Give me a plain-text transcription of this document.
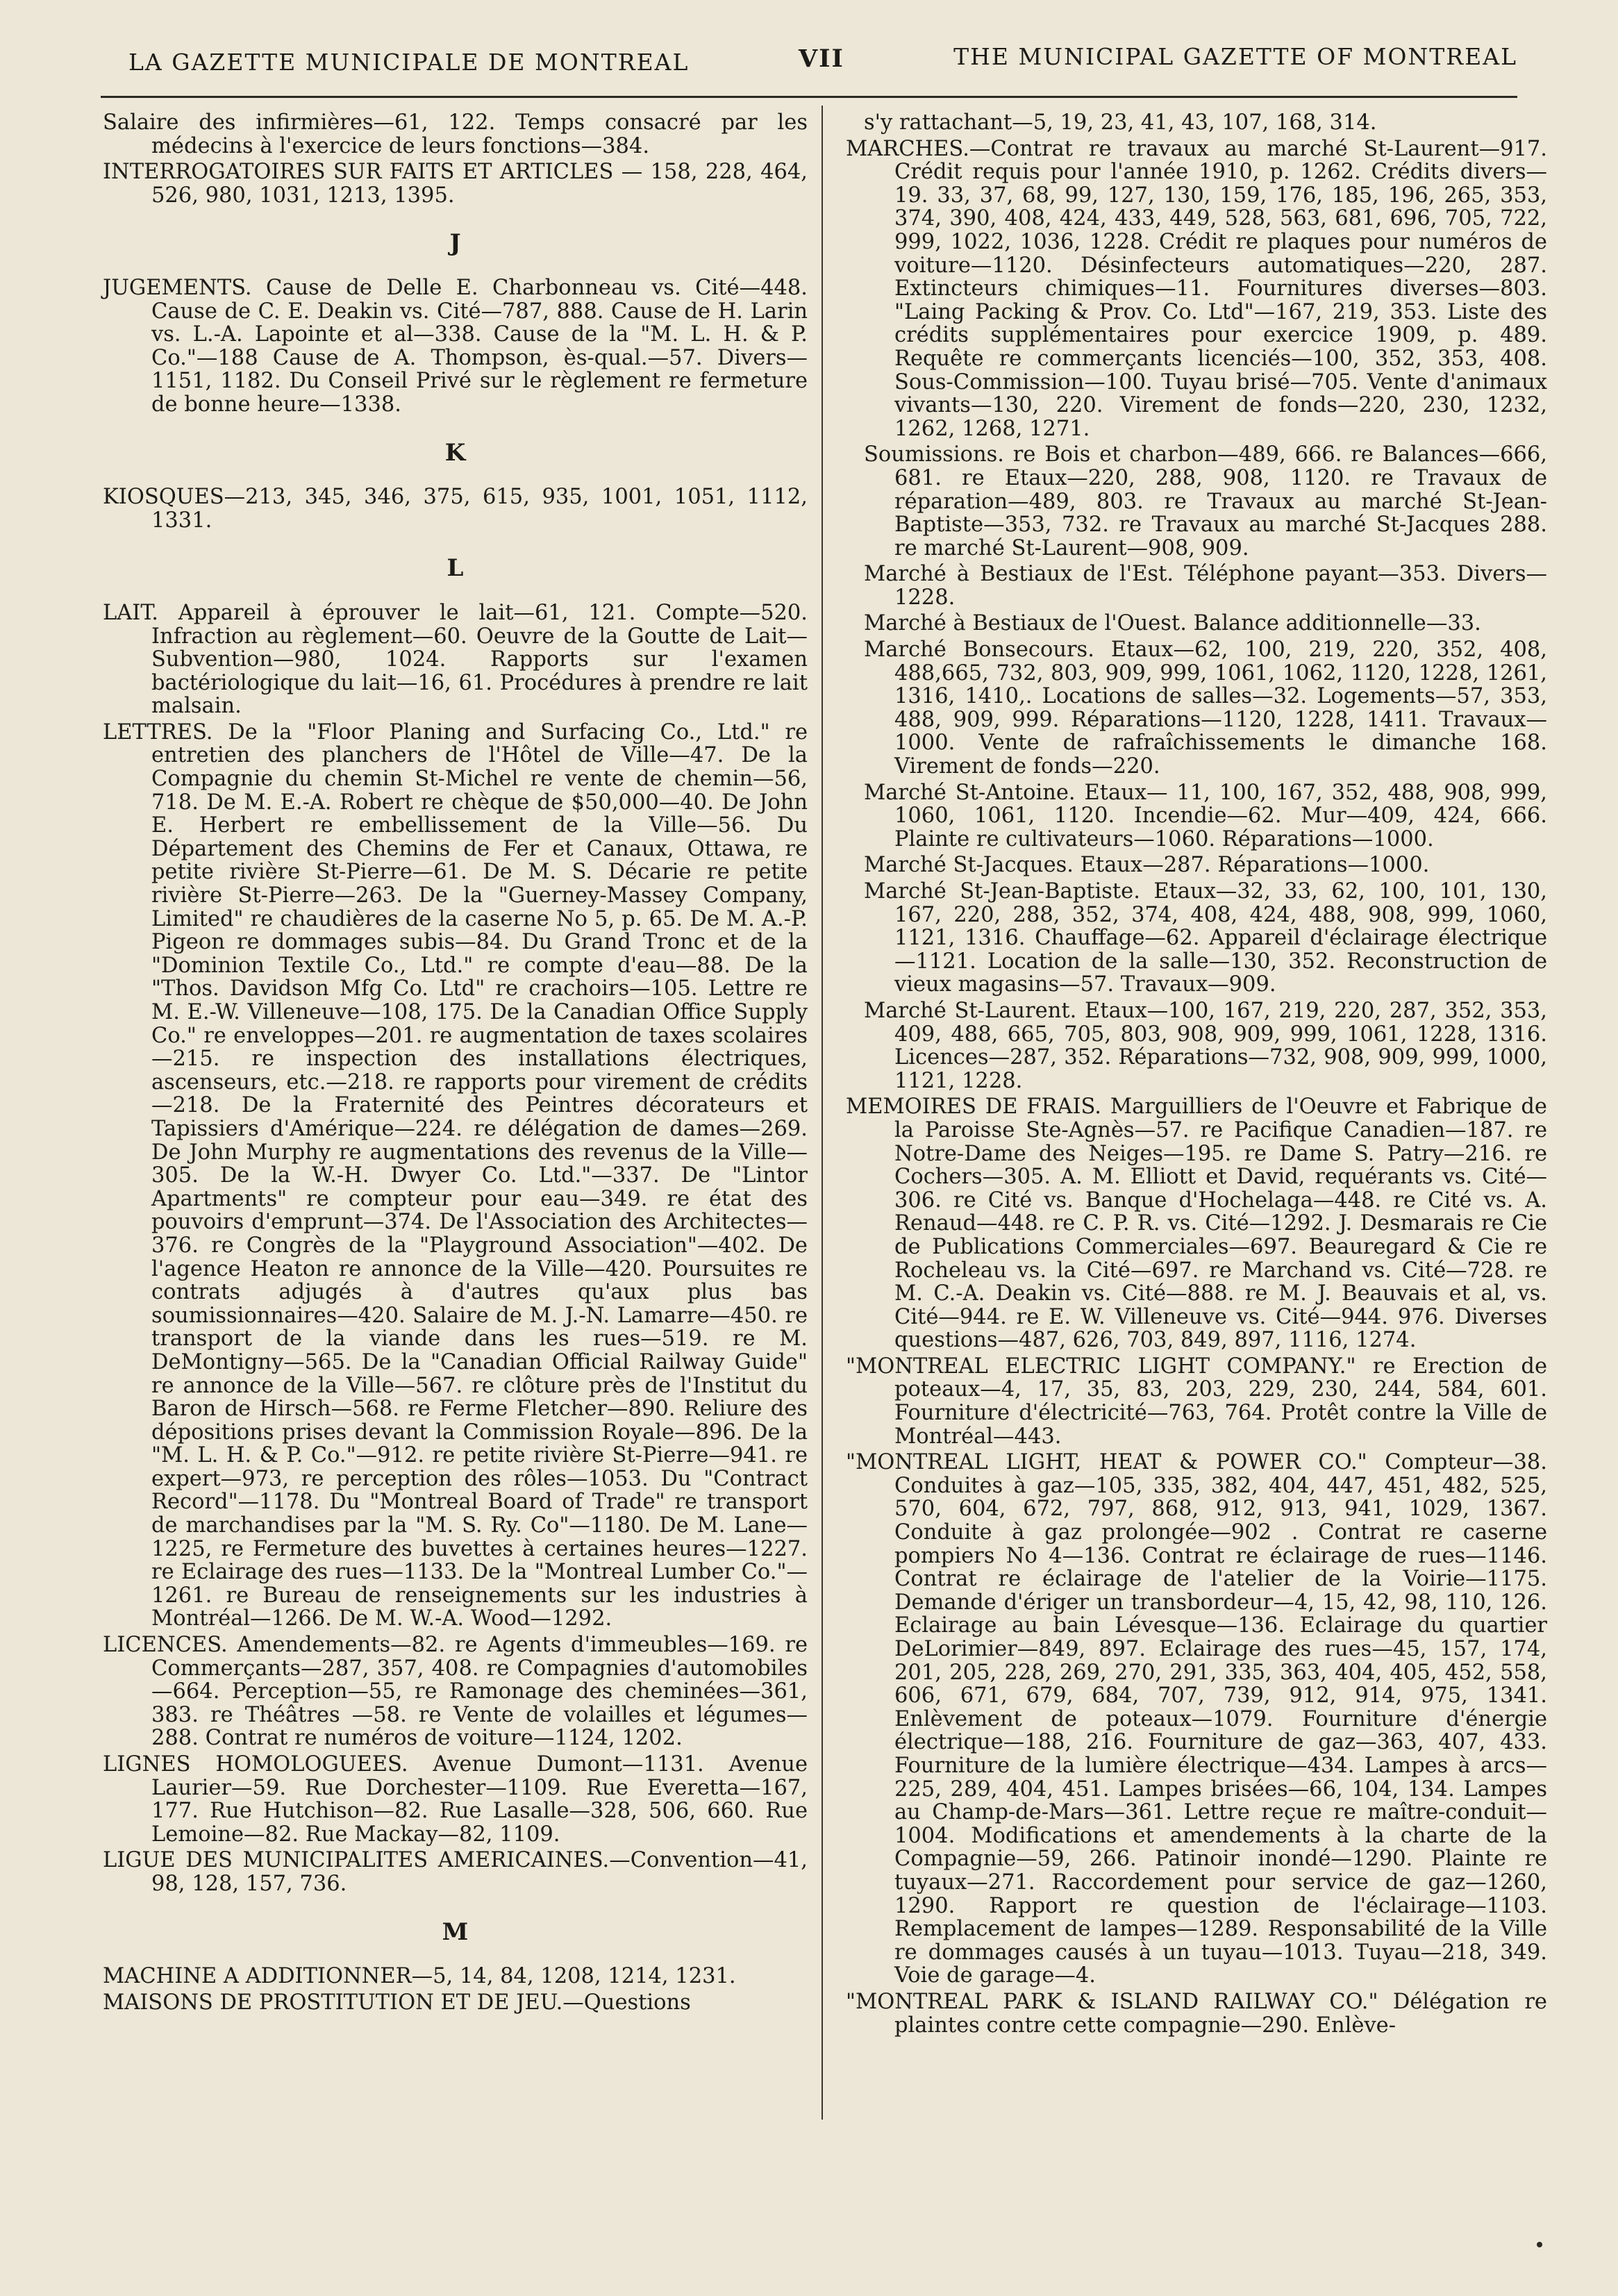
LA GAZETTE MUNICIPALE DE MONTREAL	VII	THE MUNICIPAL GAZETTE OF MONTREAL

Salaire des infirmières—61, 122. Temps consacré par les médecins à l'exercice de leurs fonctions—384.

INTERROGATOIRES SUR FAITS ET ARTICLES — 158, 228, 464, 526, 980, 1031, 1213, 1395.

J

JUGEMENTS. Cause de Delle E. Charbonneau vs. Cité—448. Cause de C. E. Deakin vs. Cité—787, 888. Cause de H. Larin vs. L.-A. Lapointe et al—338. Cause de la "M. L. H. & P. Co."—188 Cause de A. Thompson, ès-qual.—57. Divers—1151, 1182. Du Conseil Privé sur le règlement re fermeture de bonne heure—1338.

K

KIOSQUES—213, 345, 346, 375, 615, 935, 1001, 1051, 1112, 1331.

L

LAIT. Appareil à éprouver le lait—61, 121. Compte—520. Infraction au règlement—60. Oeuvre de la Goutte de Lait—Subvention—980, 1024. Rapports sur l'examen bactériologique du lait—16, 61. Procédures à prendre re lait malsain.

LETTRES. De la "Floor Planing and Surfacing Co., Ltd." re entretien des planchers de l'Hôtel de Ville—47. De la Compagnie du chemin St-Michel re vente de chemin—56, 718. De M. E.-A. Robert re chèque de $50,000—40. De John E. Herbert re embellissement de la Ville—56. Du Département des Chemins de Fer et Canaux, Ottawa, re petite rivière St-Pierre—61. De M. S. Décarie re petite rivière St-Pierre—263. De la "Guerney-Massey Company, Limited" re chaudières de la caserne No 5, p. 65. De M. A.-P. Pigeon re dommages subis—84. Du Grand Tronc et de la "Dominion Textile Co., Ltd." re compte d'eau—88. De la "Thos. Davidson Mfg Co. Ltd" re crachoirs—105. Lettre re M. E.-W. Villeneuve—108, 175. De la Canadian Office Supply Co." re enveloppes—201. re augmentation de taxes scolaires—215. re inspection des installations électriques, ascenseurs, etc.—218. re rapports pour virement de crédits—218. De la Fraternité des Peintres décorateurs et Tapissiers d'Amérique—224. re délégation de dames—269. De John Murphy re augmentations des revenus de la Ville—305. De la W.-H. Dwyer Co. Ltd."—337. De "Lintor Apartments" re compteur pour eau—349. re état des pouvoirs d'emprunt—374. De l'Association des Architectes—376. re Congrès de la "Playground Association"—402. De l'agence Heaton re annonce de la Ville—420. Poursuites re contrats adjugés à d'autres qu'aux plus bas soumissionnaires—420. Salaire de M. J.-N. Lamarre—450. re transport de la viande dans les rues—519. re M. DeMontigny—565. De la "Canadian Official Railway Guide" re annonce de la Ville—567. re clôture près de l'Institut du Baron de Hirsch—568. re Ferme Fletcher—890. Reliure des dépositions prises devant la Commission Royale—896. De la "M. L. H. & P. Co."—912. re petite rivière St-Pierre—941. re expert—973, re perception des rôles—1053. Du "Contract Record"—1178. Du "Montreal Board of Trade" re transport de marchandises par la "M. S. Ry. Co"—1180. De M. Lane—1225, re Fermeture des buvettes à certaines heures—1227. re Eclairage des rues—1133. De la "Montreal Lumber Co."—1261. re Bureau de renseignements sur les industries à Montréal—1266. De M. W.-A. Wood—1292.

LICENCES. Amendements—82. re Agents d'immeubles—169. re Commerçants—287, 357, 408. re Compagnies d'automobiles —664. Perception—55, re Ramonage des cheminées—361, 383. re Théâtres —58. re Vente de volailles et légumes—288. Contrat re numéros de voiture—1124, 1202.

LIGNES HOMOLOGUEES. Avenue Dumont—1131. Avenue Laurier—59. Rue Dorchester—1109. Rue Everetta—167, 177. Rue Hutchison—82. Rue Lasalle—328, 506, 660. Rue Lemoine—82. Rue Mackay—82, 1109.

LIGUE DES MUNICIPALITES AMERICAINES.—Convention—41, 98, 128, 157, 736.

M

MACHINE A ADDITIONNER—5, 14, 84, 1208, 1214, 1231.

MAISONS DE PROSTITUTION ET DE JEU.—Questions

s'y rattachant—5, 19, 23, 41, 43, 107, 168, 314.

MARCHES.—Contrat re travaux au marché St-Laurent—917. Crédit requis pour l'année 1910, p. 1262. Crédits divers—19. 33, 37, 68, 99, 127, 130, 159, 176, 185, 196, 265, 353, 374, 390, 408, 424, 433, 449, 528, 563, 681, 696, 705, 722, 999, 1022, 1036, 1228. Crédit re plaques pour numéros de voiture—1120. Désinfecteurs automatiques—220, 287. Extincteurs chimiques—11. Fournitures diverses—803. "Laing Packing & Prov. Co. Ltd"—167, 219, 353. Liste des crédits supplémentaires pour exercice 1909, p. 489. Requête re commerçants licenciés—100, 352, 353, 408. Sous-Commission—100. Tuyau brisé—705. Vente d'animaux vivants—130, 220. Virement de fonds—220, 230, 1232, 1262, 1268, 1271.

Soumissions. re Bois et charbon—489, 666. re Balances—666, 681. re Etaux—220, 288, 908, 1120. re Travaux de réparation—489, 803. re Travaux au marché St-Jean-Baptiste—353, 732. re Travaux au marché St-Jacques 288. re marché St-Laurent—908, 909.

Marché à Bestiaux de l'Est. Téléphone payant—353. Divers—1228.

Marché à Bestiaux de l'Ouest. Balance additionnelle—33.

Marché Bonsecours. Etaux—62, 100, 219, 220, 352, 408, 488,665, 732, 803, 909, 999, 1061, 1062, 1120, 1228, 1261, 1316, 1410,. Locations de salles—32. Logements—57, 353, 488, 909, 999. Réparations—1120, 1228, 1411. Travaux—1000. Vente de rafraîchissements le dimanche 168. Virement de fonds—220.

Marché St-Antoine. Etaux— 11, 100, 167, 352, 488, 908, 999, 1060, 1061, 1120. Incendie—62. Mur—409, 424, 666. Plainte re cultivateurs—1060. Réparations—1000.

Marché St-Jacques. Etaux—287. Réparations—1000.

Marché St-Jean-Baptiste. Etaux—32, 33, 62, 100, 101, 130, 167, 220, 288, 352, 374, 408, 424, 488, 908, 999, 1060, 1121, 1316. Chauffage—62. Appareil d'éclairage électrique—1121. Location de la salle—130, 352. Reconstruction de vieux magasins—57. Travaux—909.

Marché St-Laurent. Etaux—100, 167, 219, 220, 287, 352, 353, 409, 488, 665, 705, 803, 908, 909, 999, 1061, 1228, 1316. Licences—287, 352. Réparations—732, 908, 909, 999, 1000, 1121, 1228.

MEMOIRES DE FRAIS. Marguilliers de l'Oeuvre et Fabrique de la Paroisse Ste-Agnès—57. re Pacifique Canadien—187. re Notre-Dame des Neiges—195. re Dame S. Patry—216. re Cochers—305. A. M. Elliott et David, requérants vs. Cité—306. re Cité vs. Banque d'Hochelaga—448. re Cité vs. A. Renaud—448. re C. P. R. vs. Cité—1292. J. Desmarais re Cie de Publications Commerciales—697. Beauregard & Cie re Rocheleau vs. la Cité—697. re Marchand vs. Cité—728. re M. C.-A. Deakin vs. Cité—888. re M. J. Beauvais et al, vs. Cité—944. re E. W. Villeneuve vs. Cité—944. 976. Diverses questions—487, 626, 703, 849, 897, 1116, 1274.

"MONTREAL ELECTRIC LIGHT COMPANY." re Erection de poteaux—4, 17, 35, 83, 203, 229, 230, 244, 584, 601. Fourniture d'électricité—763, 764. Protêt contre la Ville de Montréal—443.

"MONTREAL LIGHT, HEAT & POWER CO." Compteur—38. Conduites à gaz—105, 335, 382, 404, 447, 451, 482, 525, 570, 604, 672, 797, 868, 912, 913, 941, 1029, 1367. Conduite à gaz prolongée—902 . Contrat re caserne pompiers No 4—136. Contrat re éclairage de rues—1146. Contrat re éclairage de l'atelier de la Voirie—1175. Demande d'ériger un transbordeur—4, 15, 42, 98, 110, 126. Eclairage au bain Lévesque—136. Eclairage du quartier DeLorimier—849, 897. Eclairage des rues—45, 157, 174, 201, 205, 228, 269, 270, 291, 335, 363, 404, 405, 452, 558, 606, 671, 679, 684, 707, 739, 912, 914, 975, 1341. Enlèvement de poteaux—1079. Fourniture d'énergie électrique—188, 216. Fourniture de gaz—363, 407, 433. Fourniture de la lumière électrique—434. Lampes à arcs—225, 289, 404, 451. Lampes brisées—66, 104, 134. Lampes au Champ-de-Mars—361. Lettre reçue re maître-conduit—1004. Modifications et amendements à la charte de la Compagnie—59, 266. Patinoir inondé—1290. Plainte re tuyaux—271. Raccordement pour service de gaz—1260, 1290. Rapport re question de l'éclairage—1103. Remplacement de lampes—1289. Responsabilité de la Ville re dommages causés à un tuyau—1013. Tuyau—218, 349. Voie de garage—4.

"MONTREAL PARK & ISLAND RAILWAY CO." Délégation re plaintes contre cette compagnie—290. Enlève-
